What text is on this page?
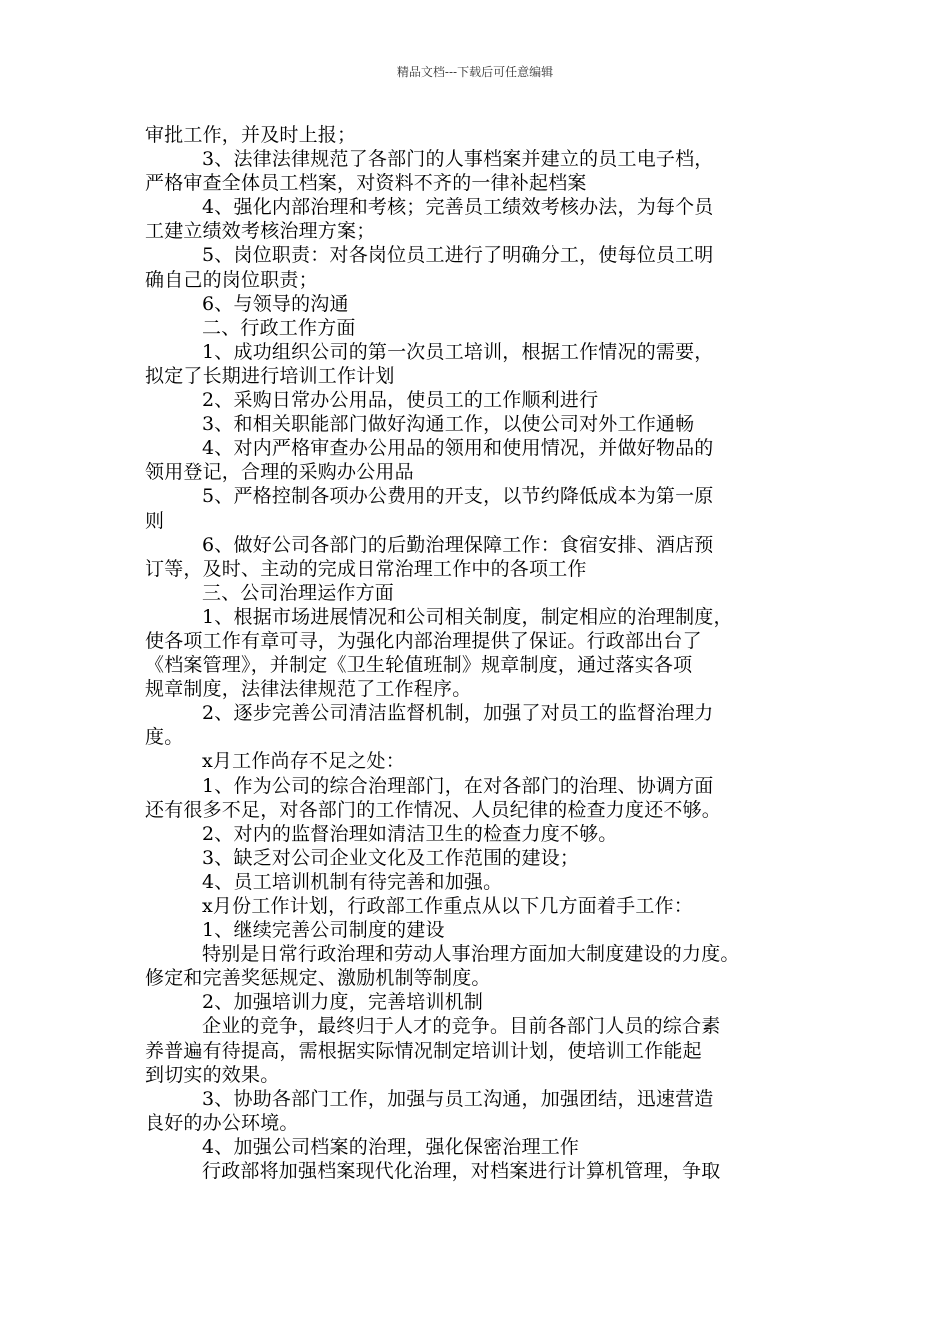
精品文档---下载后可任意编辑
审批工作，并及时上报；
3、法律法律规范了各部门的人事档案并建立的员工电子档，
严格审查全体员工档案，对资料不齐的一律补起档案
4、强化内部治理和考核；完善员工绩效考核办法，为每个员
工建立绩效考核治理方案；
5、岗位职责：对各岗位员工进行了明确分工，使每位员工明
确自己的岗位职责；
6、与领导的沟通
二、行政工作方面
1、成功组织公司的第一次员工培训，根据工作情况的需要，
拟定了长期进行培训工作计划
2、采购日常办公用品，使员工的工作顺利进行
3、和相关职能部门做好沟通工作，以使公司对外工作通畅
4、对内严格审查办公用品的领用和使用情况，并做好物品的
领用登记，合理的采购办公用品
5、严格控制各项办公费用的开支，以节约降低成本为第一原
则
6、做好公司各部门的后勤治理保障工作：食宿安排、酒店预
订等，及时、主动的完成日常治理工作中的各项工作
三、公司治理运作方面
1、根据市场进展情况和公司相关制度，制定相应的治理制度，
使各项工作有章可寻，为强化内部治理提供了保证。行政部出台了
《档案管理》，并制定《卫生轮值班制》规章制度，通过落实各项
规章制度，法律法律规范了工作程序。
2、逐步完善公司清洁监督机制，加强了对员工的监督治理力
度。
x月工作尚存不足之处：
1、作为公司的综合治理部门，在对各部门的治理、协调方面
还有很多不足，对各部门的工作情况、人员纪律的检查力度还不够。
2、对内的监督治理如清洁卫生的检查力度不够。
3、缺乏对公司企业文化及工作范围的建设；
4、员工培训机制有待完善和加强。
x月份工作计划，行政部工作重点从以下几方面着手工作：
1、继续完善公司制度的建设
特别是日常行政治理和劳动人事治理方面加大制度建设的力度。
修定和完善奖惩规定、激励机制等制度。
2、加强培训力度，完善培训机制
企业的竞争，最终归于人才的竞争。目前各部门人员的综合素
养普遍有待提高，需根据实际情况制定培训计划，使培训工作能起
到切实的效果。
3、协助各部门工作，加强与员工沟通，加强团结，迅速营造
良好的办公环境。
4、加强公司档案的治理，强化保密治理工作
行政部将加强档案现代化治理，对档案进行计算机管理，争取
